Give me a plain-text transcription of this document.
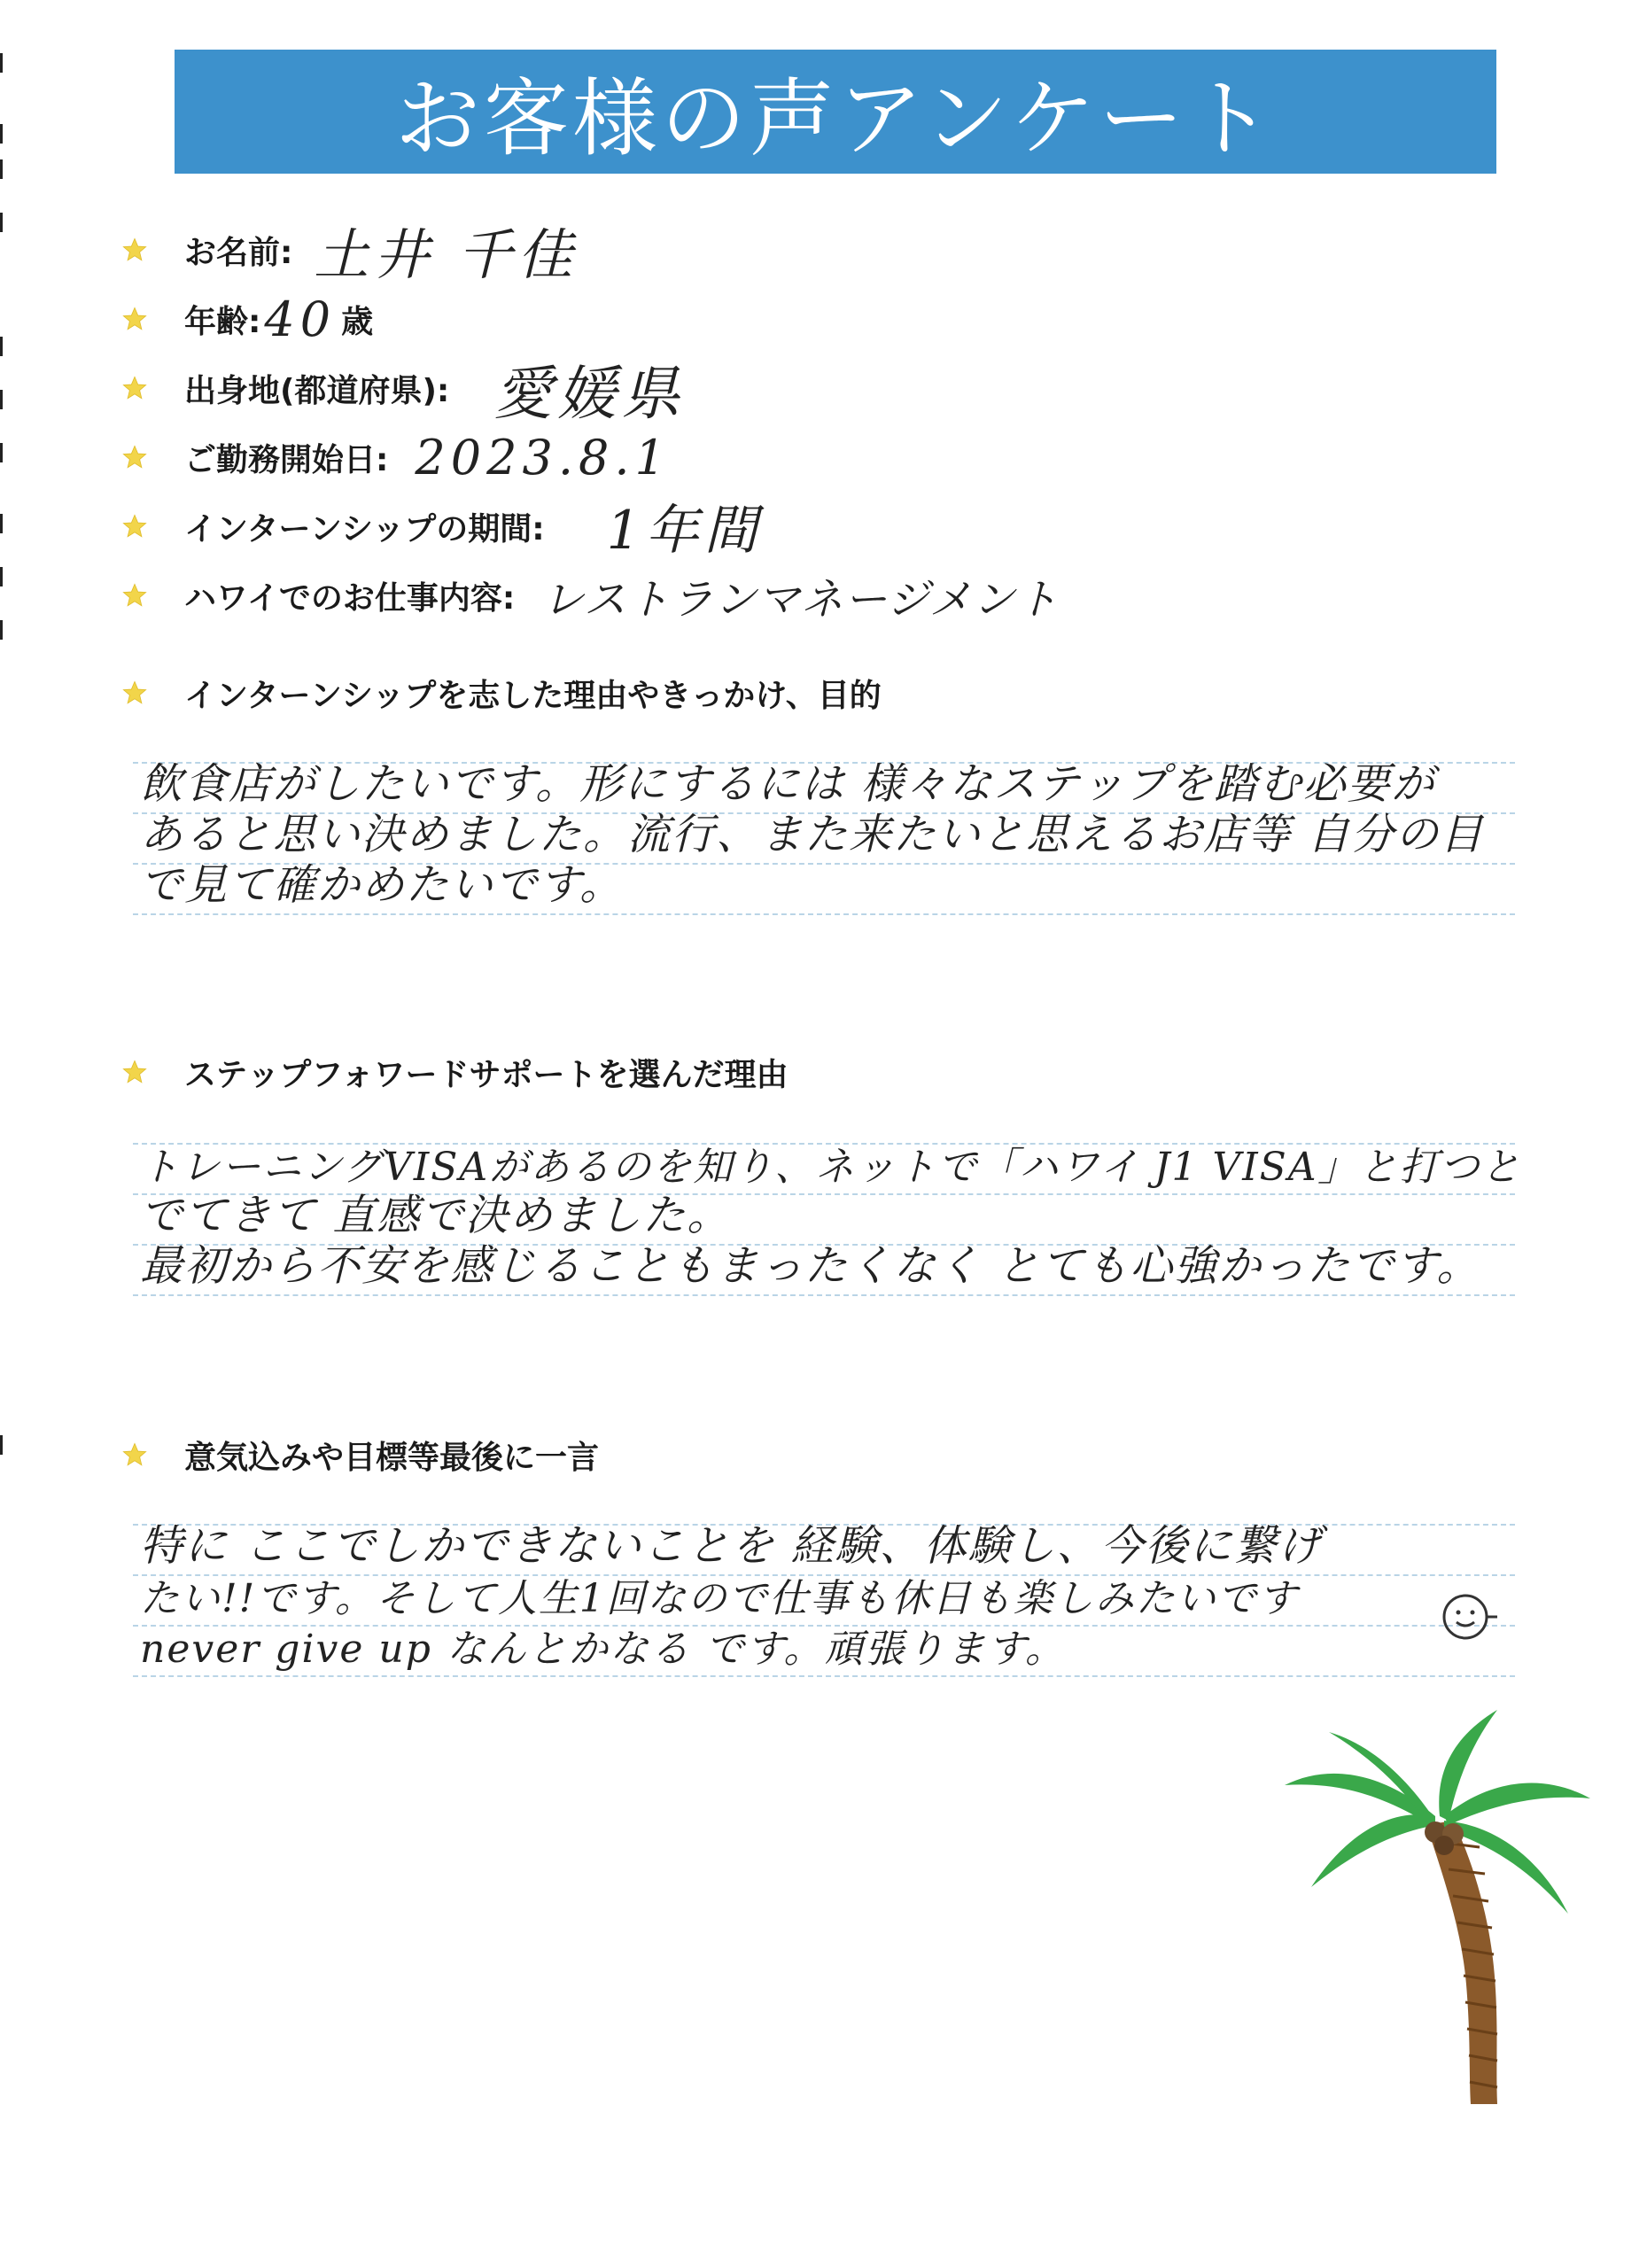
お客様の声アンケート
お名前: 土井 千佳
年齢: 40 歳
出身地(都道府県): 愛媛県
ご勤務開始日: 2023.8.1
インターンシップの期間: 1年間
ハワイでのお仕事内容: レストランマネージメント
インターンシップを志した理由やきっかけ、目的
飲食店がしたいです。形にするには 様々なステップを踏む必要が
あると思い決めました。流行、また来たいと思えるお店等 自分の目
で見て確かめたいです。
ステップフォワードサポートを選んだ理由
トレーニングVISAがあるのを知り、ネットで「ハワイ J1 VISA」と打つと
でてきて 直感で決めました。
最初から不安を感じることもまったくなく とても心強かったです。
意気込みや目標等最後に一言
特に ここでしかできないことを 経験、体験し、今後に繋げ
たい!!です。そして人生1回なので仕事も休日も楽しみたいです
never give up なんとかなる です。頑張ります。
